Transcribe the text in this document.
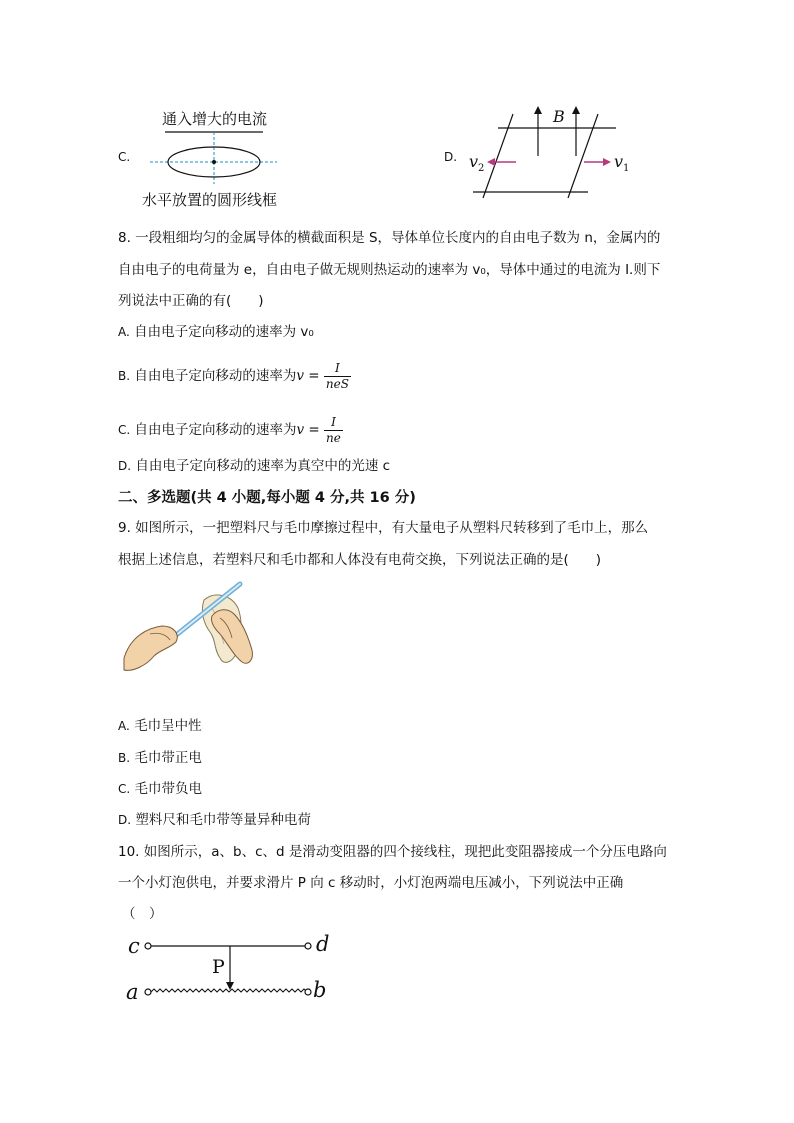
C.
通入增大的电流
水平放置的圆形线框
D.
B
$v_2$	$v_1$
8. 一段粗细均匀的金属导体的横截面积是 S，导体单位长度内的自由电子数为 n，金属内的
自由电子的电荷量为 e，自由电子做无规则热运动的速率为 v₀，导体中通过的电流为 I.则下
列说法中正确的有(　　)
A. 自由电子定向移动的速率为 v₀
B. 自由电子定向移动的速率为$v = \frac{I}{\text{neS}}$
C. 自由电子定向移动的速率为$v = \frac{I}{ne}$
D. 自由电子定向移动的速率为真空中的光速 c
二、多选题(共 4 小题,每小题 4 分,共 16 分)
9. 如图所示，一把塑料尺与毛巾摩擦过程中，有大量电子从塑料尺转移到了毛巾上，那么
根据上述信息，若塑料尺和毛巾都和人体没有电荷交换，下列说法正确的是(　　)
A. 毛巾呈中性
B. 毛巾带正电
C. 毛巾带负电
D. 塑料尺和毛巾带等量异种电荷
10. 如图所示，a、b、c、d 是滑动变阻器的四个接线柱，现把此变阻器接成一个分压电路向
一个小灯泡供电，并要求滑片 P 向 c 移动时，小灯泡两端电压减小，下列说法中正确
（　）
c	d
P
a	b
